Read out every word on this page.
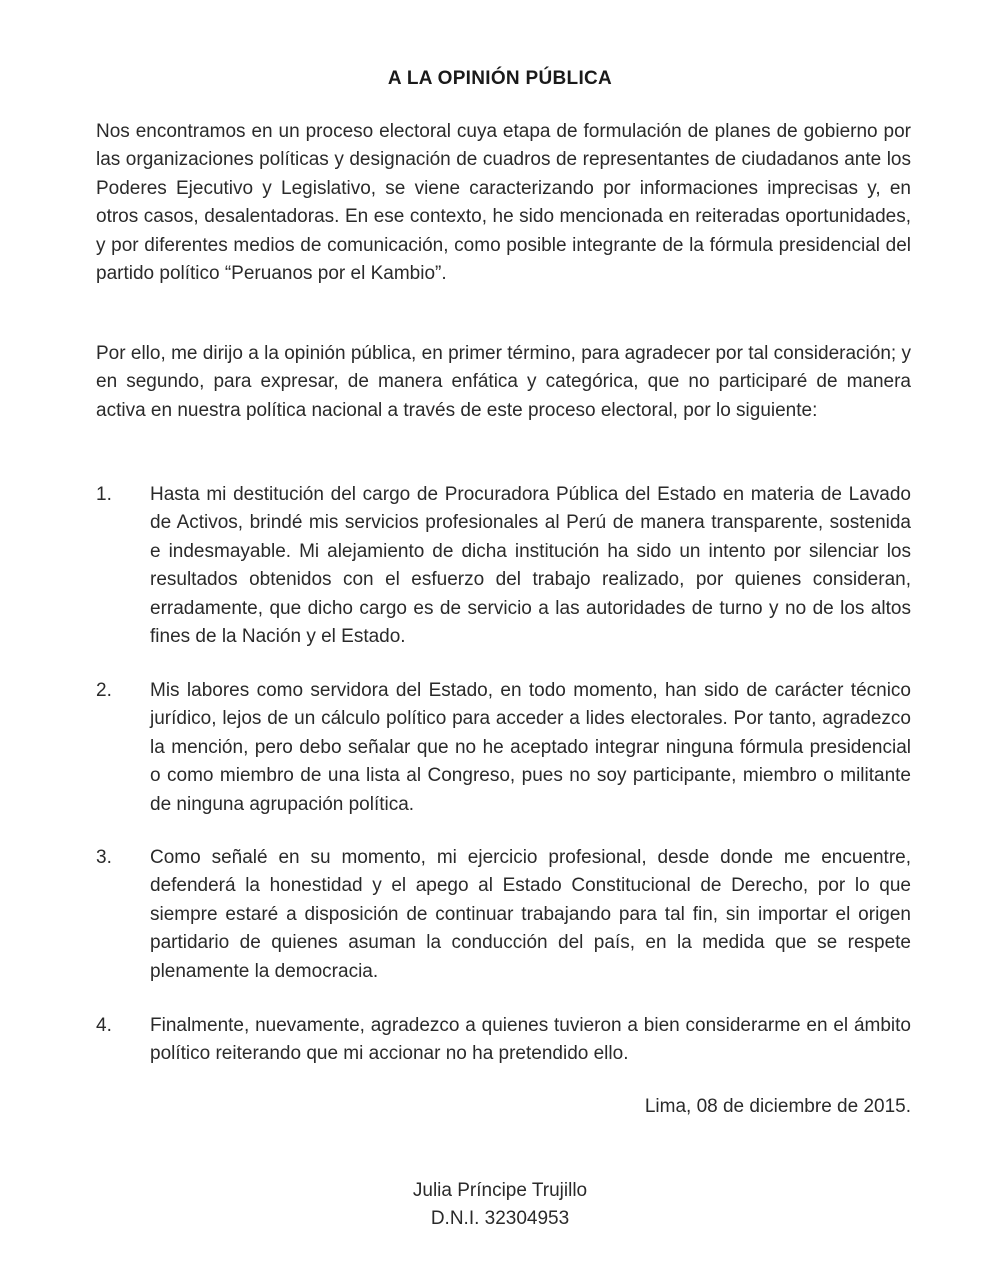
A LA OPINIÓN PÚBLICA

Nos encontramos en un proceso electoral cuya etapa de formulación de planes de gobierno por las organizaciones políticas y designación de cuadros de representantes de ciudadanos ante los Poderes Ejecutivo y Legislativo, se viene caracterizando por informaciones imprecisas y, en otros casos, desalentadoras. En ese contexto, he sido mencionada en reiteradas oportunidades, y por diferentes medios de comunicación, como posible integrante de la fórmula presidencial del partido político “Peruanos por el Kambio”.

Por ello, me dirijo a la opinión pública, en primer término, para agradecer por tal consideración; y en segundo, para expresar, de manera enfática y categórica, que no participaré de manera activa en nuestra política nacional a través de este proceso electoral, por lo siguiente:

1. Hasta mi destitución del cargo de Procuradora Pública del Estado en materia de Lavado de Activos, brindé mis servicios profesionales al Perú de manera transparente, sostenida e indesmayable. Mi alejamiento de dicha institución ha sido un intento por silenciar los resultados obtenidos con el esfuerzo del trabajo realizado, por quienes consideran, erradamente, que dicho cargo es de servicio a las autoridades de turno y no de los altos fines de la Nación y el Estado.

2. Mis labores como servidora del Estado, en todo momento, han sido de carácter técnico jurídico, lejos de un cálculo político para acceder a lides electorales. Por tanto, agradezco la mención, pero debo señalar que no he aceptado integrar ninguna fórmula presidencial o como miembro de una lista al Congreso, pues no soy participante, miembro o militante de ninguna agrupación política.

3. Como señalé en su momento, mi ejercicio profesional, desde donde me encuentre, defenderá la honestidad y el apego al Estado Constitucional de Derecho, por lo que siempre estaré a disposición de continuar trabajando para tal fin, sin importar el origen partidario de quienes asuman la conducción del país, en la medida que se respete plenamente la democracia.

4. Finalmente, nuevamente, agradezco a quienes tuvieron a bien considerarme en el ámbito político reiterando que mi accionar no ha pretendido ello.

Lima, 08 de diciembre de 2015.
Julia Príncipe Trujillo
D.N.I. 32304953
